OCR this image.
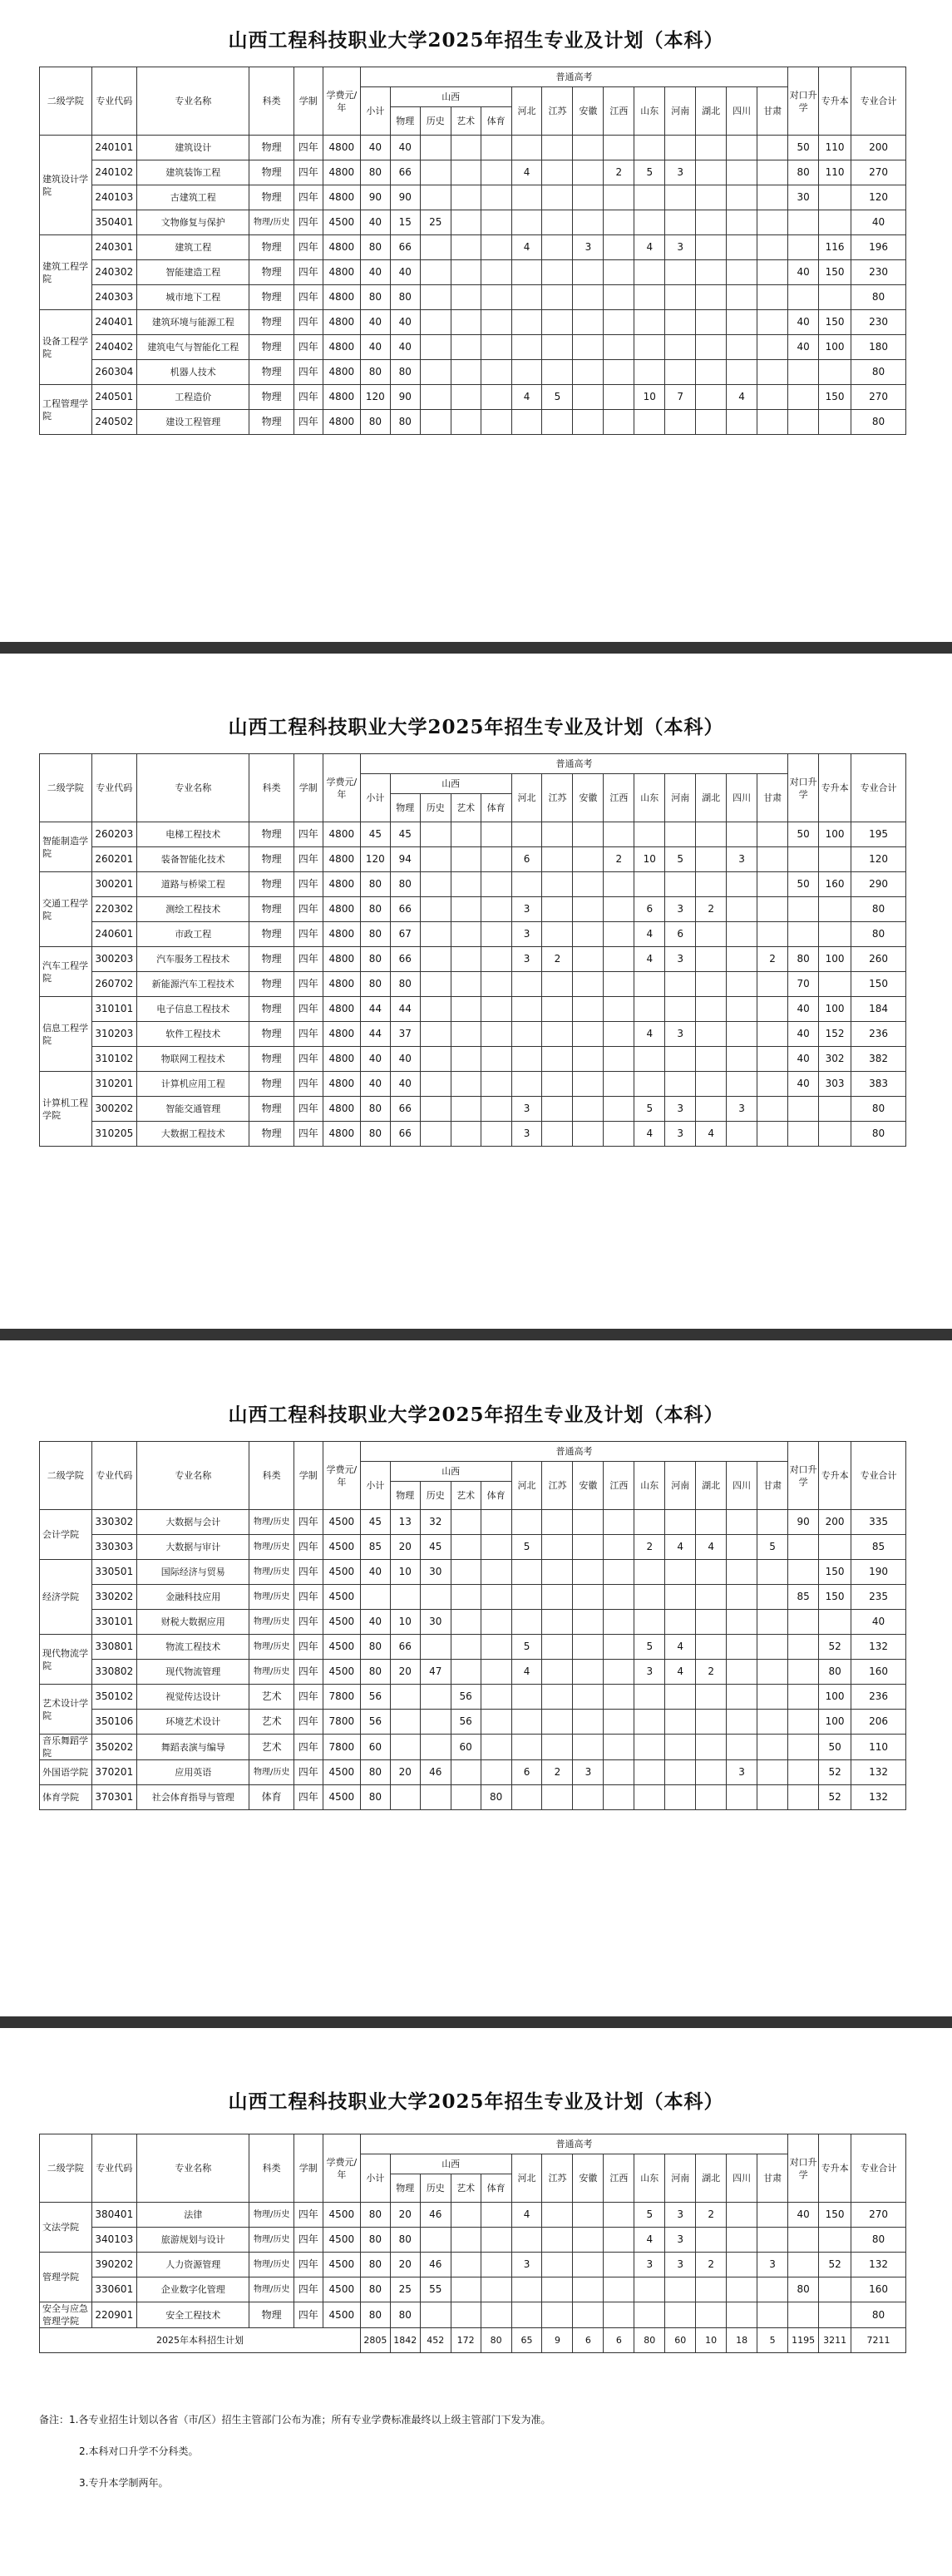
山西工程科技职业大学2025年招生专业及计划（本科）
二级学院	专业代码	专业名称	科类	学制	学费元/年	普通高考														对口升学	专升本	专业合计
						小计	山西				河北	江苏	安徽	江西	山东	河南	湖北	四川	甘肃			
							物理	历史	艺术	体育												
建筑设计学院	240101	建筑设计	物理	四年	4800	40	40													50	110	200
	240102	建筑装饰工程	物理	四年	4800	80	66				4			2	5	3				80	110	270
	240103	古建筑工程	物理	四年	4800	90	90													30		120
	350401	文物修复与保护	物理/历史	四年	4500	40	15	25														40
建筑工程学院	240301	建筑工程	物理	四年	4800	80	66				4		3		4	3					116	196
	240302	智能建造工程	物理	四年	4800	40	40													40	150	230
	240303	城市地下工程	物理	四年	4800	80	80															80
设备工程学院	240401	建筑环境与能源工程	物理	四年	4800	40	40													40	150	230
	240402	建筑电气与智能化工程	物理	四年	4800	40	40													40	100	180
	260304	机器人技术	物理	四年	4800	80	80															80
工程管理学院	240501	工程造价	物理	四年	4800	120	90				4	5			10	7		4			150	270
	240502	建设工程管理	物理	四年	4800	80	80															80
山西工程科技职业大学2025年招生专业及计划（本科）
二级学院	专业代码	专业名称	科类	学制	学费元/年	普通高考														对口升学	专升本	专业合计
						小计	山西				河北	江苏	安徽	江西	山东	河南	湖北	四川	甘肃			
							物理	历史	艺术	体育												
智能制造学院	260203	电梯工程技术	物理	四年	4800	45	45													50	100	195
	260201	装备智能化技术	物理	四年	4800	120	94				6			2	10	5		3				120
交通工程学院	300201	道路与桥梁工程	物理	四年	4800	80	80													50	160	290
	220302	测绘工程技术	物理	四年	4800	80	66				3				6	3	2					80
	240601	市政工程	物理	四年	4800	80	67				3				4	6						80
汽车工程学院	300203	汽车服务工程技术	物理	四年	4800	80	66				3	2			4	3			2	80	100	260
	260702	新能源汽车工程技术	物理	四年	4800	80	80													70		150
信息工程学院	310101	电子信息工程技术	物理	四年	4800	44	44													40	100	184
	310203	软件工程技术	物理	四年	4800	44	37								4	3				40	152	236
	310102	物联网工程技术	物理	四年	4800	40	40													40	302	382
计算机工程学院	310201	计算机应用工程	物理	四年	4800	40	40													40	303	383
	300202	智能交通管理	物理	四年	4800	80	66				3				5	3		3				80
	310205	大数据工程技术	物理	四年	4800	80	66				3				4	3	4					80
山西工程科技职业大学2025年招生专业及计划（本科）
二级学院	专业代码	专业名称	科类	学制	学费元/年	普通高考														对口升学	专升本	专业合计
						小计	山西				河北	江苏	安徽	江西	山东	河南	湖北	四川	甘肃			
							物理	历史	艺术	体育												
会计学院	330302	大数据与会计	物理/历史	四年	4500	45	13	32												90	200	335
	330303	大数据与审计	物理/历史	四年	4500	85	20	45			5				2	4	4		5			85
经济学院	330501	国际经济与贸易	物理/历史	四年	4500	40	10	30													150	190
	330202	金融科技应用	物理/历史	四年	4500															85	150	235
	330101	财税大数据应用	物理/历史	四年	4500	40	10	30														40
现代物流学院	330801	物流工程技术	物理/历史	四年	4500	80	66				5				5	4					52	132
	330802	现代物流管理	物理/历史	四年	4500	80	20	47			4				3	4	2				80	160
艺术设计学院	350102	视觉传达设计	艺术	四年	7800	56			56												100	236
	350106	环境艺术设计	艺术	四年	7800	56			56												100	206
音乐舞蹈学院	350202	舞蹈表演与编导	艺术	四年	7800	60			60												50	110
外国语学院	370201	应用英语	物理/历史	四年	4500	80	20	46			6	2	3					3			52	132
体育学院	370301	社会体育指导与管理	体育	四年	4500	80				80											52	132
山西工程科技职业大学2025年招生专业及计划（本科）
二级学院	专业代码	专业名称	科类	学制	学费元/年	普通高考														对口升学	专升本	专业合计
						小计	山西				河北	江苏	安徽	江西	山东	河南	湖北	四川	甘肃			
							物理	历史	艺术	体育												
文法学院	380401	法律	物理/历史	四年	4500	80	20	46			4				5	3	2			40	150	270
	340103	旅游规划与设计	物理/历史	四年	4500	80	80								4	3						80
管理学院	390202	人力资源管理	物理/历史	四年	4500	80	20	46			3				3	3	2		3		52	132
	330601	企业数字化管理	物理/历史	四年	4500	80	25	55												80		160
安全与应急管理学院	220901	安全工程技术	物理	四年	4500	80	80															80
2025年本科招生计划						2805	1842	452	172	80	65	9	6	6	80	60	10	18	5	1195	3211	7211
备注：1.各专业招生计划以各省（市/区）招生主管部门公布为准；所有专业学费标准最终以上级主管部门下发为准。
2.本科对口升学不分科类。
3.专升本学制两年。
